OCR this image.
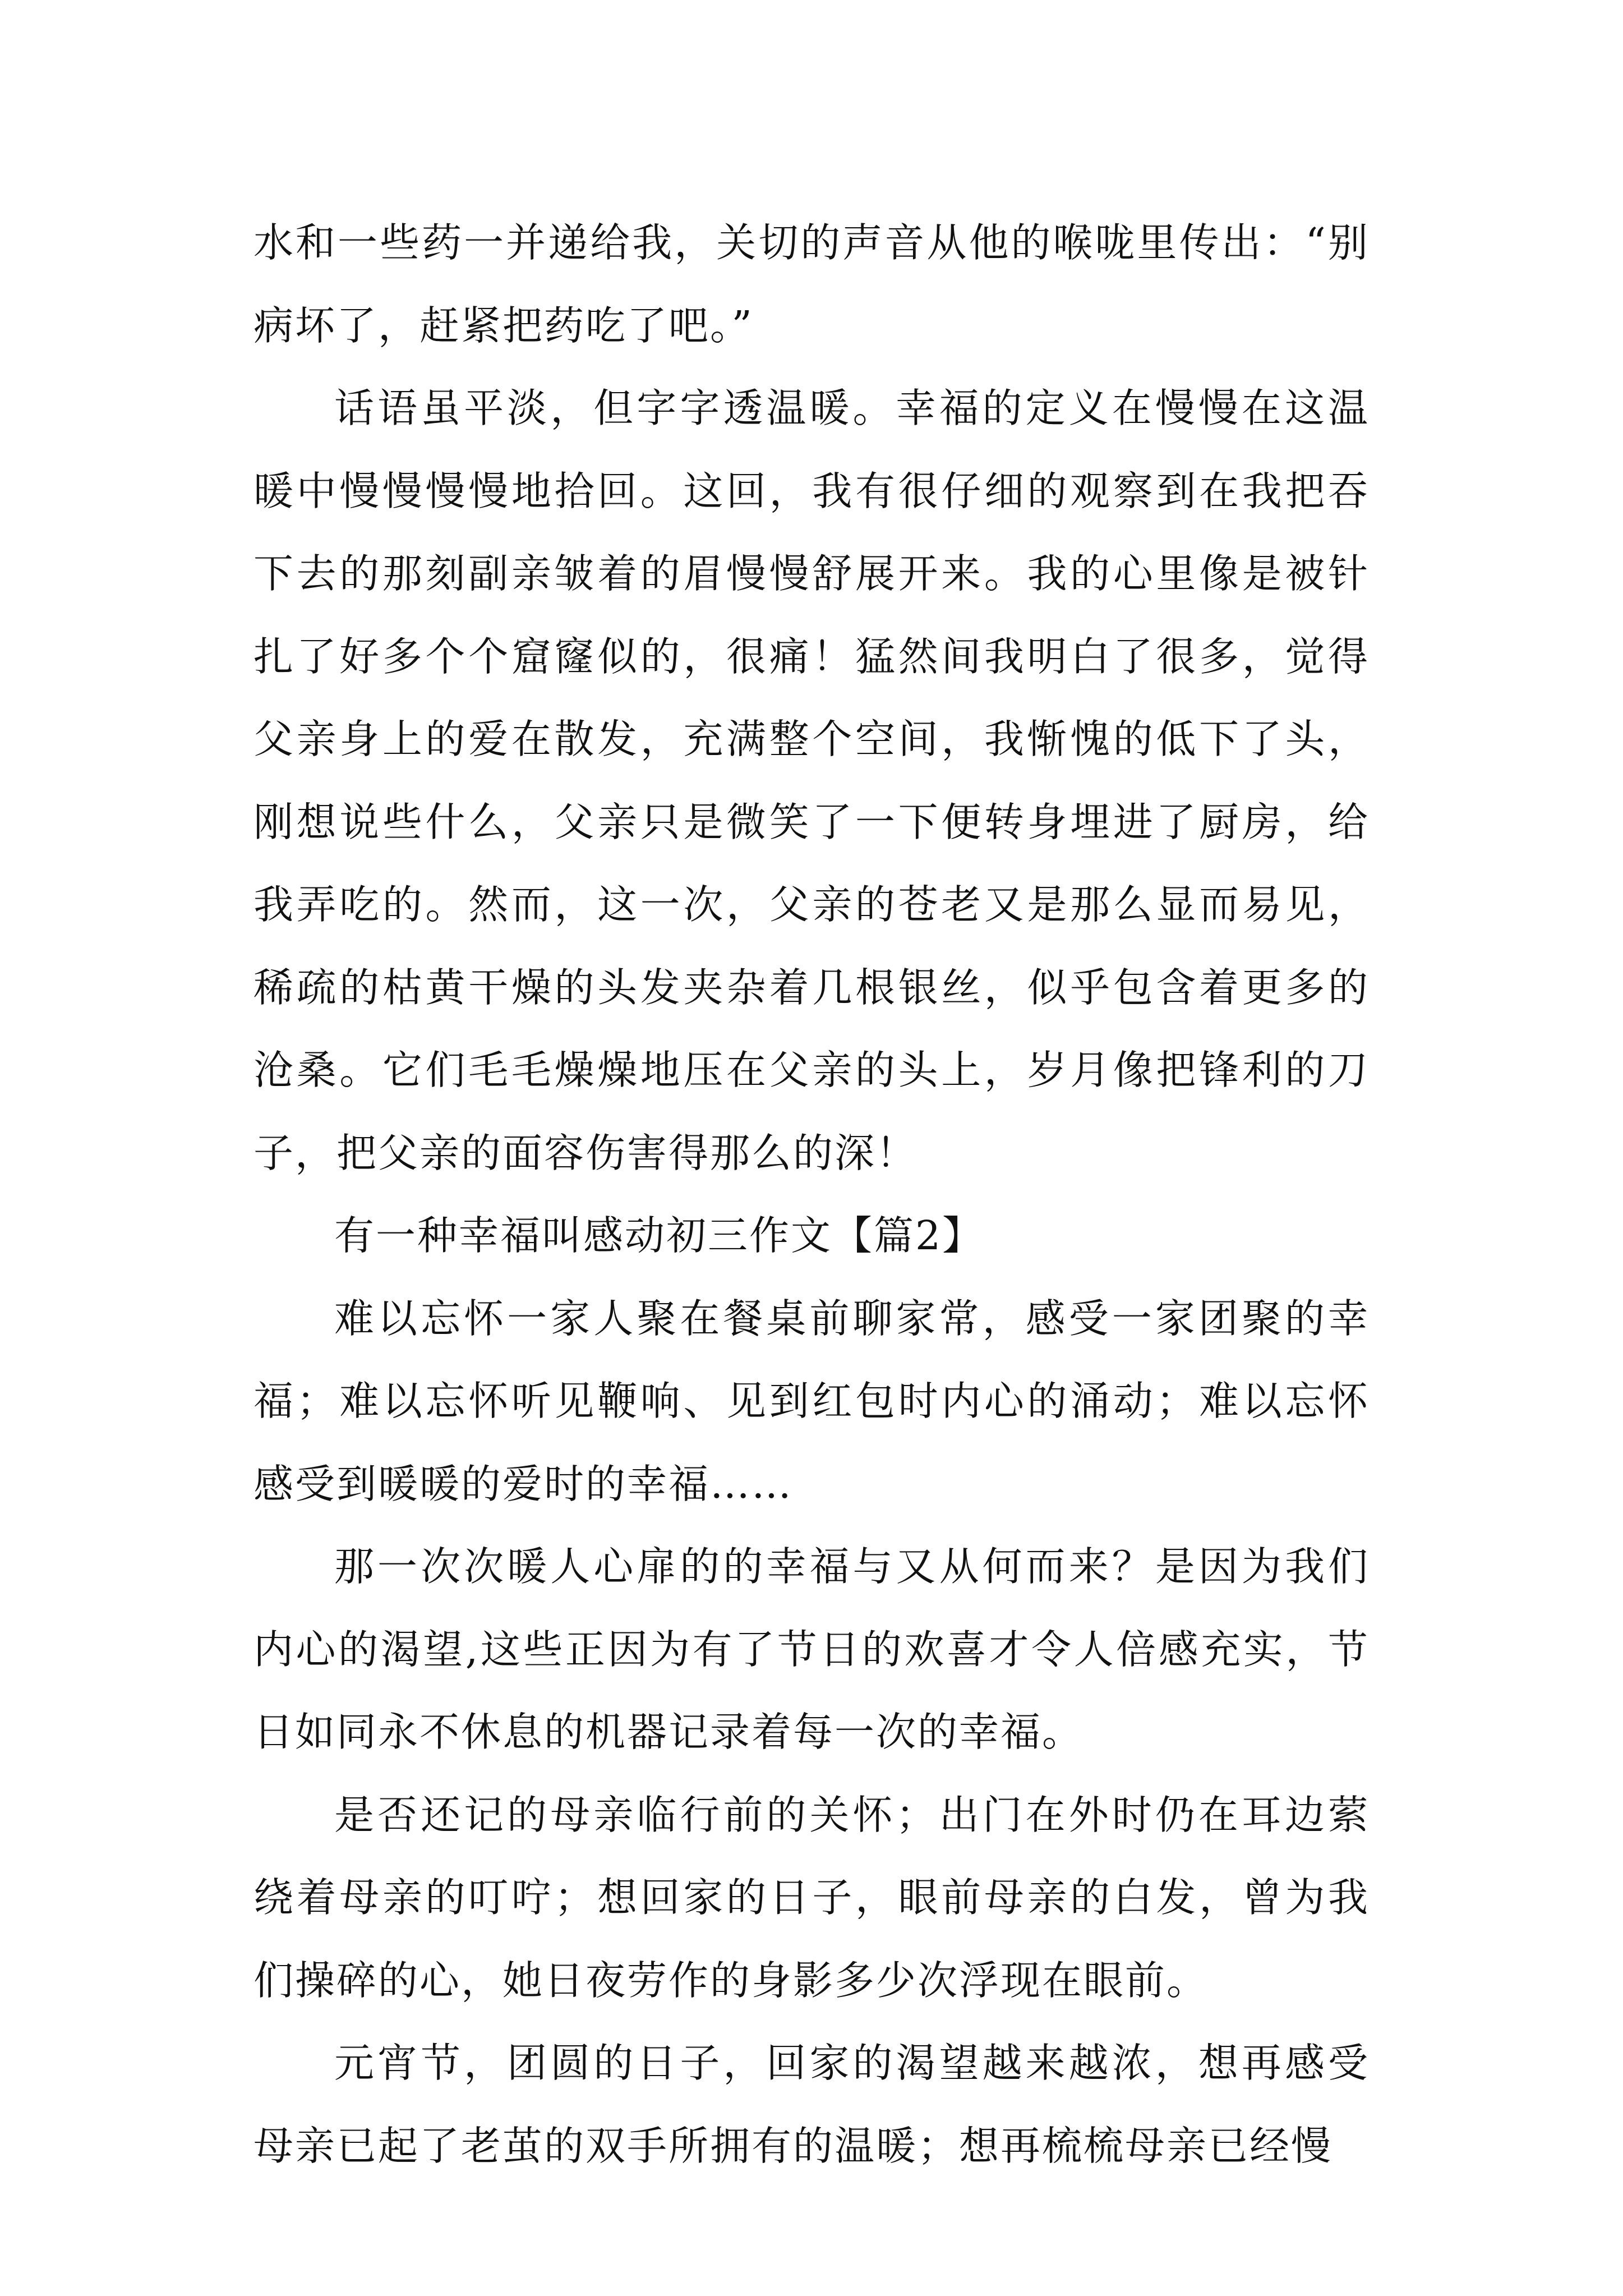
水和一些药一并递给我，关切的声音从他的喉咙里传出：“别病坏了，赶紧把药吃了吧。”

话语虽平淡，但字字透温暖。幸福的定义在慢慢在这温暖中慢慢慢慢地拾回。这回，我有很仔细的观察到在我把吞下去的那刻副亲皱着的眉慢慢舒展开来。我的心里像是被针扎了好多个个窟窿似的，很痛！猛然间我明白了很多，觉得父亲身上的爱在散发，充满整个空间，我惭愧的低下了头，刚想说些什么，父亲只是微笑了一下便转身埋进了厨房，给我弄吃的。然而，这一次，父亲的苍老又是那么显而易见，稀疏的枯黄干燥的头发夹杂着几根银丝，似乎包含着更多的沧桑。它们毛毛燥燥地压在父亲的头上，岁月像把锋利的刀子，把父亲的面容伤害得那么的深！

有一种幸福叫感动初三作文【篇2】

难以忘怀一家人聚在餐桌前聊家常，感受一家团聚的幸福；难以忘怀听见鞭响、见到红包时内心的涌动；难以忘怀感受到暖暖的爱时的幸福……

那一次次暖人心扉的的幸福与又从何而来？是因为我们内心的渴望,这些正因为有了节日的欢喜才令人倍感充实，节日如同永不休息的机器记录着每一次的幸福。

是否还记的母亲临行前的关怀；出门在外时仍在耳边萦绕着母亲的叮咛；想回家的日子，眼前母亲的白发，曾为我们操碎的心，她日夜劳作的身影多少次浮现在眼前。

元宵节，团圆的日子，回家的渴望越来越浓，想再感受母亲已起了老茧的双手所拥有的温暖；想再梳梳母亲已经慢
